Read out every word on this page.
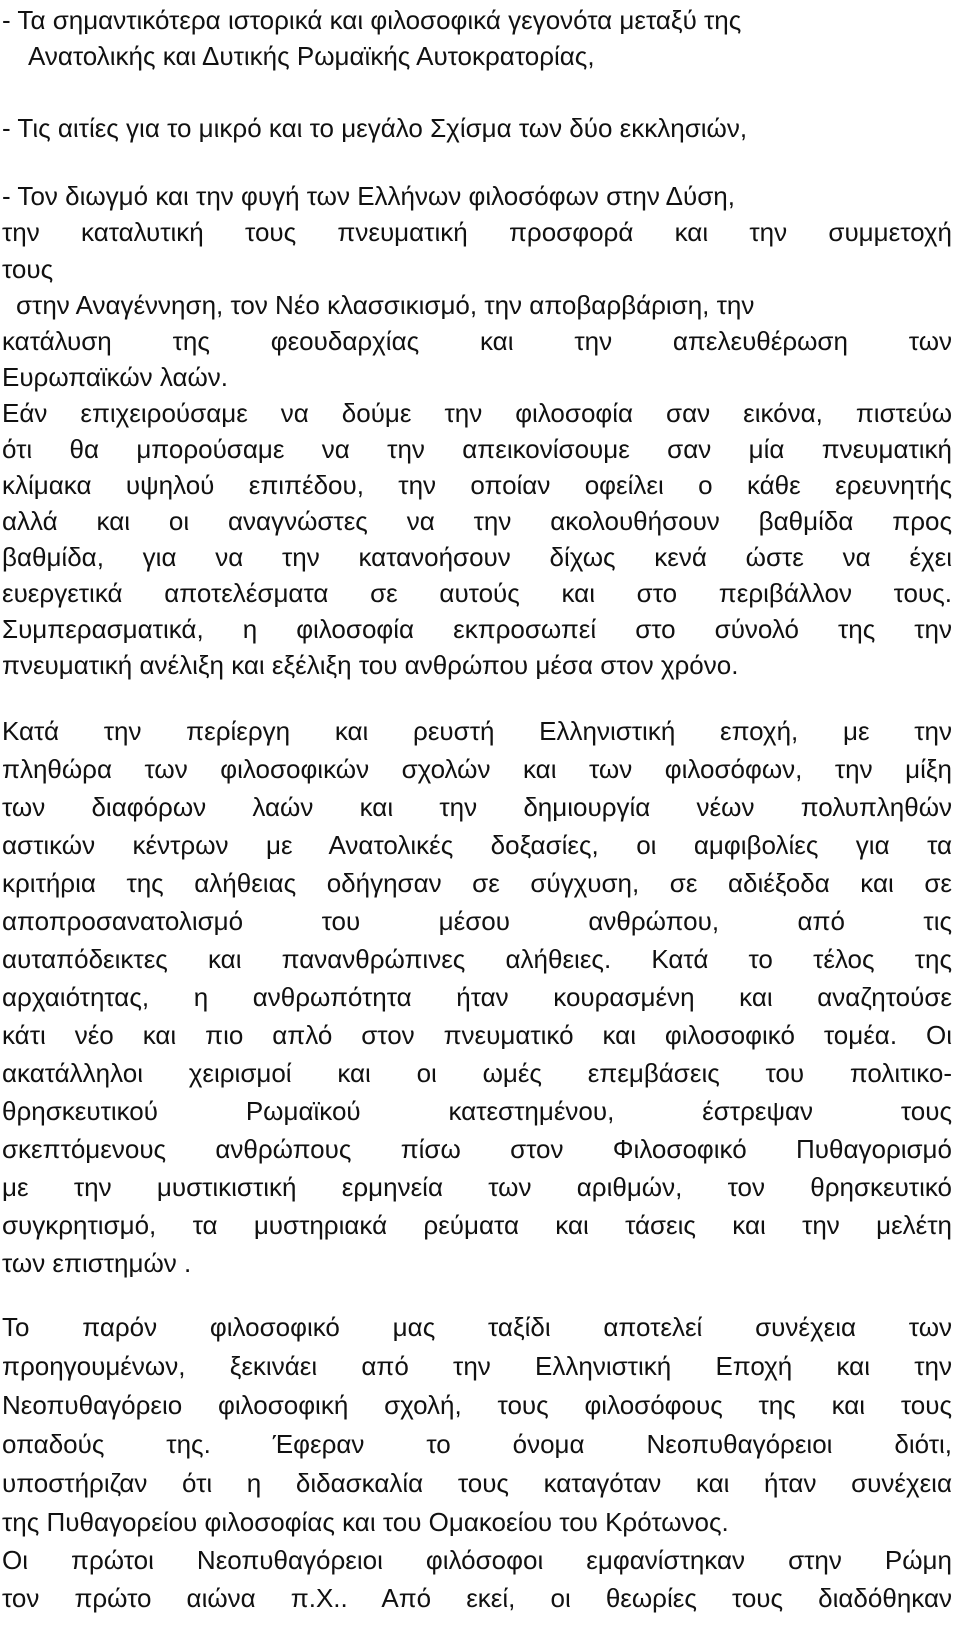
- Τα σημαντικότερα ιστορικά και φιλοσοφικά γεγονότα μεταξύ της
Ανατολικής και Δυτικής Ρωμαϊκής Αυτοκρατορίας,
- Τις αιτίες για το μικρό και το μεγάλο Σχίσμα των δύο εκκλησιών,
- Τον διωγμό και την φυγή των Ελλήνων φιλοσόφων στην Δύση,
την καταλυτική τους πνευματική προσφορά και την συμμετοχή
τους
στην Αναγέννηση, τον Νέο κλασσικισμό, την αποβαρβάριση, την
κατάλυση της φεουδαρχίας και την απελευθέρωση των
Ευρωπαϊκών λαών.
Εάν επιχειρούσαμε να δούμε την φιλοσοφία σαν εικόνα, πιστεύω
ότι θα μπορούσαμε να την απεικονίσουμε σαν μία πνευματική
κλίμακα υψηλού επιπέδου, την οποίαν οφείλει ο κάθε ερευνητής
αλλά και οι αναγνώστες να την ακολουθήσουν βαθμίδα προς
βαθμίδα, για να την κατανοήσουν δίχως κενά ώστε να έχει
ευεργετικά αποτελέσματα σε αυτούς και στο περιβάλλον τους.
Συμπερασματικά, η φιλοσοφία εκπροσωπεί στο σύνολό της την
πνευματική ανέλιξη και εξέλιξη του ανθρώπου μέσα στον χρόνο.
Κατά την περίεργη και ρευστή Ελληνιστική εποχή, με την
πληθώρα των φιλοσοφικών σχολών και των φιλοσόφων, την μίξη
των διαφόρων λαών και την δημιουργία νέων πολυπληθών
αστικών κέντρων με Ανατολικές δοξασίες, οι αμφιβολίες για τα
κριτήρια της αλήθειας οδήγησαν σε σύγχυση, σε αδιέξοδα και σε
αποπροσανατολισμό του μέσου ανθρώπου, από τις
αυταπόδεικτες και πανανθρώπινες αλήθειες. Κατά το τέλος της
αρχαιότητας, η ανθρωπότητα ήταν κουρασμένη και αναζητούσε
κάτι νέο και πιο απλό στον πνευματικό και φιλοσοφικό τομέα. Οι
ακατάλληλοι χειρισμοί και οι ωμές επεμβάσεις του πολιτικο-
θρησκευτικού Ρωμαϊκού κατεστημένου, έστρεψαν τους
σκεπτόμενους ανθρώπους πίσω στον Φιλοσοφικό Πυθαγορισμό
με την μυστικιστική ερμηνεία των αριθμών, τον θρησκευτικό
συγκρητισμό, τα μυστηριακά ρεύματα και τάσεις και την μελέτη
των επιστημών .
Το παρόν φιλοσοφικό μας ταξίδι αποτελεί συνέχεια των
προηγουμένων, ξεκινάει από την Ελληνιστική Εποχή και την
Νεοπυθαγόρειο φιλοσοφική σχολή, τους φιλοσόφους της και τους
οπαδούς της. Έφεραν το όνομα Νεοπυθαγόρειοι διότι,
υποστήριζαν ότι η διδασκαλία τους καταγόταν και ήταν συνέχεια
της Πυθαγορείου φιλοσοφίας και του Ομακοείου του Κρότωνος.
Οι πρώτοι Νεοπυθαγόρειοι φιλόσοφοι εμφανίστηκαν στην Ρώμη
τον πρώτο αιώνα π.Χ.. Από εκεί, οι θεωρίες τους διαδόθηκαν
